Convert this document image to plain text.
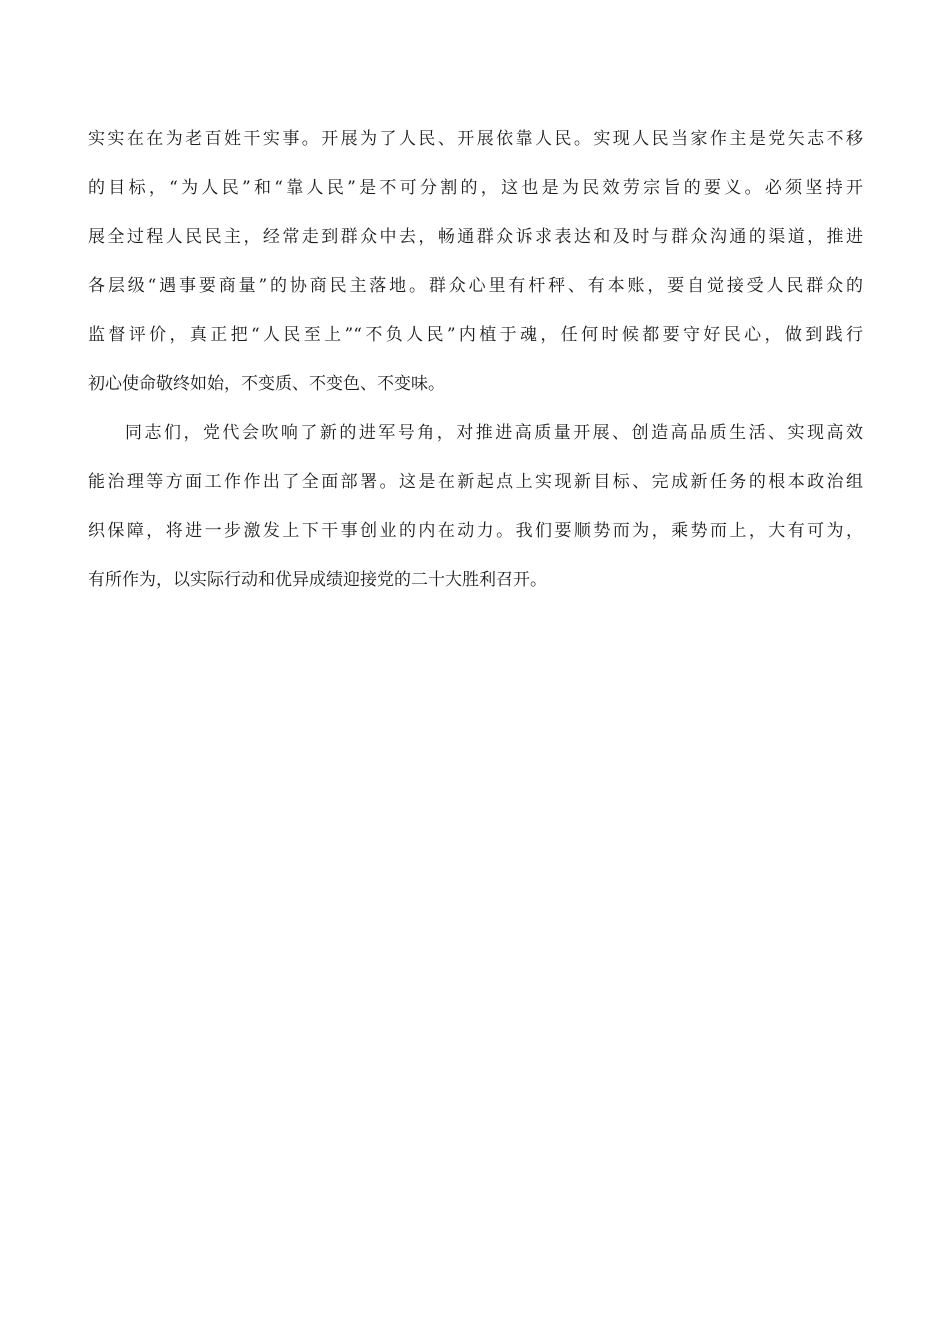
实实在在为老百姓干实事。开展为了人民、开展依靠人民。实现人民当家作主是党矢志不移
的目标，“为人民”和“靠人民”是不可分割的，这也是为民效劳宗旨的要义。必须坚持开
展全过程人民民主，经常走到群众中去，畅通群众诉求表达和及时与群众沟通的渠道，推进
各层级“遇事要商量”的协商民主落地。群众心里有杆秤、有本账，要自觉接受人民群众的
监督评价，真正把“人民至上”“不负人民”内植于魂，任何时候都要守好民心，做到践行
初心使命敬终如始，不变质、不变色、不变味。
同志们，党代会吹响了新的进军号角，对推进高质量开展、创造高品质生活、实现高效
能治理等方面工作作出了全面部署。这是在新起点上实现新目标、完成新任务的根本政治组
织保障，将进一步激发上下干事创业的内在动力。我们要顺势而为，乘势而上，大有可为，
有所作为，以实际行动和优异成绩迎接党的二十大胜利召开。
